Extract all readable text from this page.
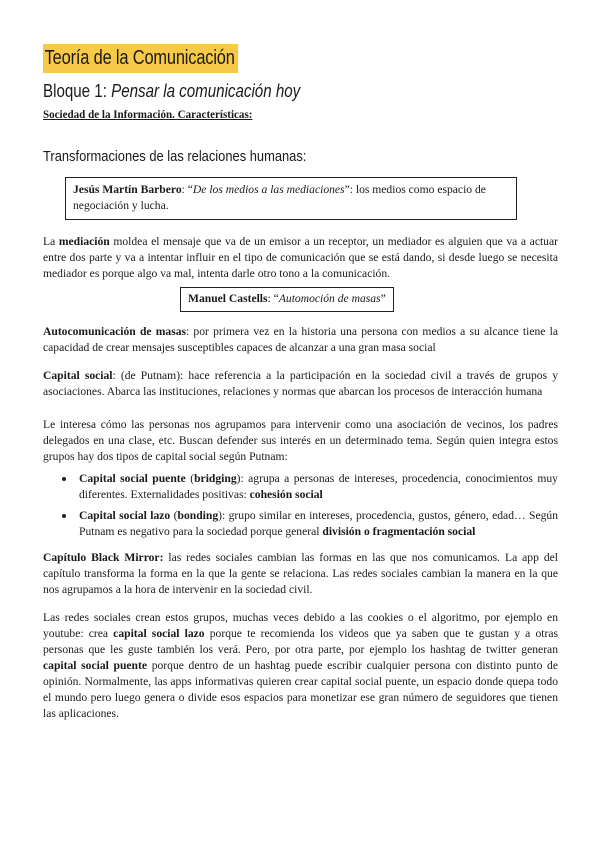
Teoría de la Comunicación
Bloque 1: Pensar la comunicación hoy
Sociedad de la Información. Características:
Transformaciones de las relaciones humanas:
Jesús Martín Barbero: “De los medios a las mediaciones”: los medios como espacio de negociación y lucha.
La mediación moldea el mensaje que va de un emisor a un receptor, un mediador es alguien que va a actuar entre dos parte y va a intentar influir en el tipo de comunicación que se está dando, si desde luego se necesita mediador es porque algo va mal, intenta darle otro tono a la comunicación.
Manuel Castells: “Automoción de masas”
Autocomunicación de masas: por primera vez en la historia una persona con medios a su alcance tiene la capacidad de crear mensajes susceptibles capaces de alcanzar a una gran masa social
Capital social: (de Putnam): hace referencia a la participación en la sociedad civil a través de grupos y asociaciones. Abarca las instituciones, relaciones y normas que abarcan los procesos de interacción humana
Le interesa cómo las personas nos agrupamos para intervenir como una asociación de vecinos, los padres delegados en una clase, etc. Buscan defender sus interés en un determinado tema. Según quien integra estos grupos hay dos tipos de capital social según Putnam:
Capital social puente (bridging): agrupa a personas de intereses, procedencia, conocimientos muy diferentes. Externalidades positivas: cohesión social
Capital social lazo (bonding): grupo similar en intereses, procedencia, gustos, género, edad… Según Putnam es negativo para la sociedad porque general división o fragmentación social
Capítulo Black Mirror: las redes sociales cambian las formas en las que nos comunicamos. La app del capítulo transforma la forma en la que la gente se relaciona. Las redes sociales cambian la manera en la que nos agrupamos a la hora de intervenir en la sociedad civil.
Las redes sociales crean estos grupos, muchas veces debido a las cookies o el algoritmo, por ejemplo en youtube: crea capital social lazo porque te recomienda los videos que ya saben que te gustan y a otras personas que les guste también los verá. Pero, por otra parte, por ejemplo los hashtag de twitter generan capital social puente porque dentro de un hashtag puede escribir cualquier persona con distinto punto de opinión. Normalmente, las apps informativas quieren crear capital social puente, un espacio donde quepa todo el mundo pero luego genera o divide esos espacios para monetizar ese gran número de seguidores que tienen las aplicaciones.
